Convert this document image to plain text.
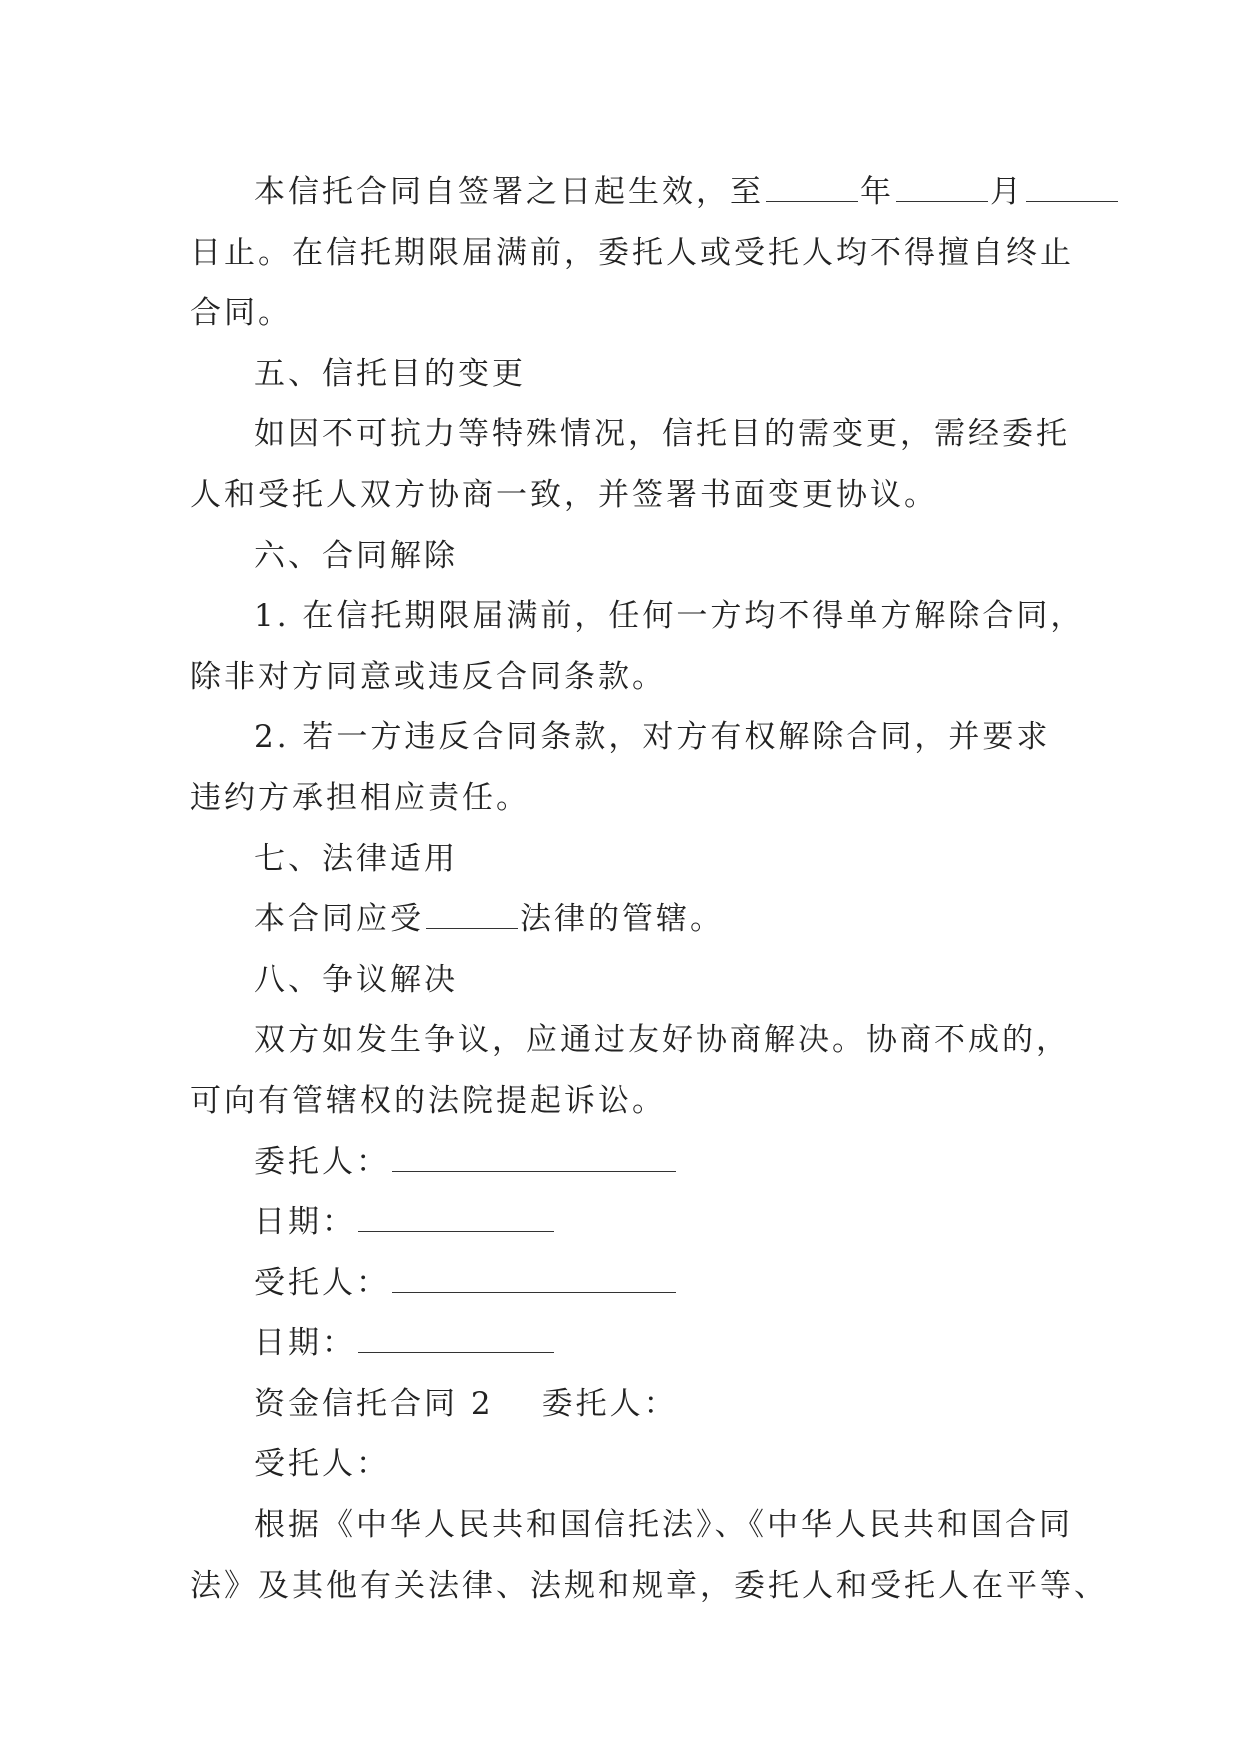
本信托合同自签署之日起生效，至	年	月
日止。在信托期限届满前，委托人或受托人均不得擅自终止
合同。
五、信托目的变更
如因不可抗力等特殊情况，信托目的需变更，需经委托
人和受托人双方协商一致，并签署书面变更协议。
六、合同解除
1. 在信托期限届满前，任何一方均不得单方解除合同，
除非对方同意或违反合同条款。
2. 若一方违反合同条款，对方有权解除合同，并要求
违约方承担相应责任。
七、法律适用
本合同应受	法律的管辖。
八、争议解决
双方如发生争议，应通过友好协商解决。协商不成的，
可向有管辖权的法院提起诉讼。
委托人：
日期：
受托人：
日期：
资金信托合同 2 委托人：
受托人：
根据《中华人民共和国信托法》、《中华人民共和国合同
法》及其他有关法律、法规和规章，委托人和受托人在平等、
